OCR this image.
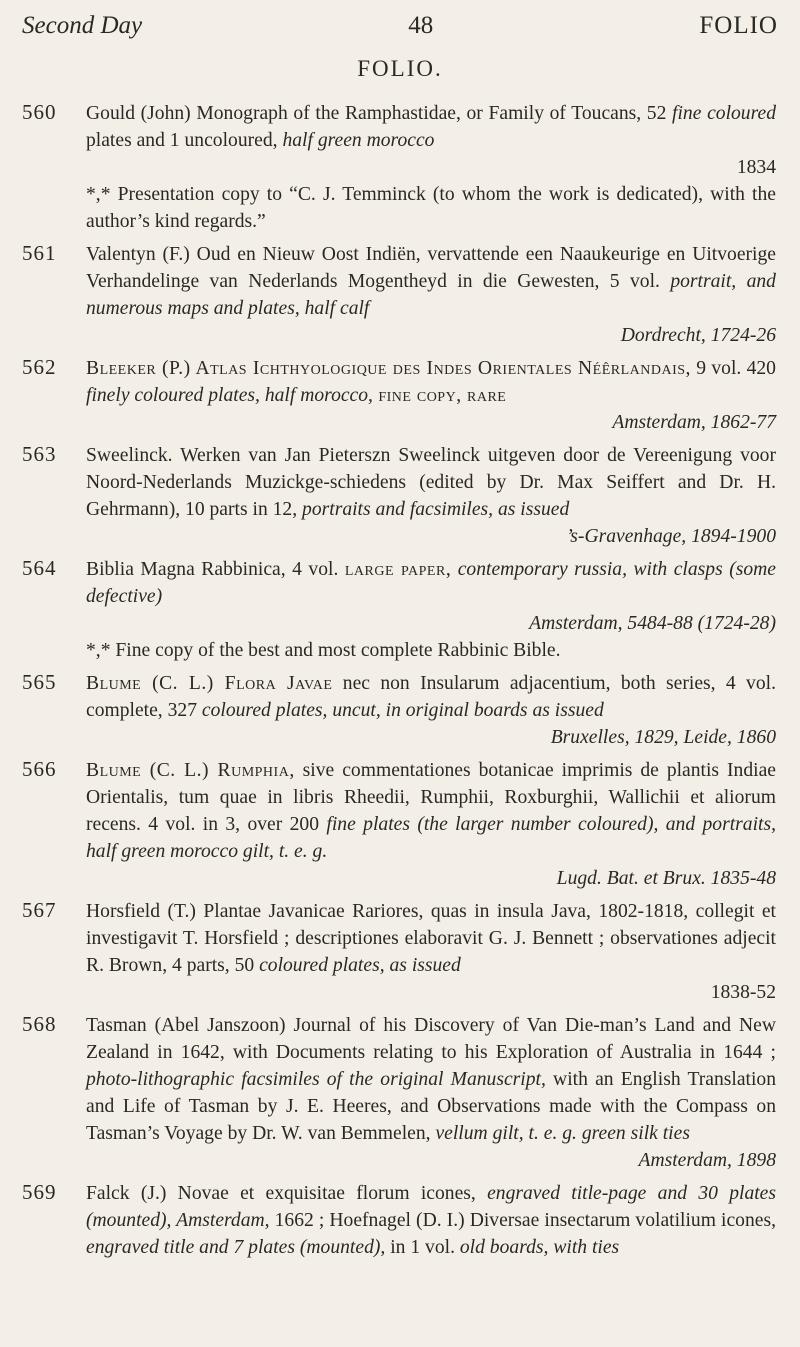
Second Day	48	FOLIO
FOLIO.
560 Gould (John) Monograph of the Ramphastidae, or Family of Toucans, 52 fine coloured plates and 1 uncoloured, half green morocco
1834
*,* Presentation copy to “C. J. Temminck (to whom the work is dedicated), with the author’s kind regards.”
561 Valentyn (F.) Oud en Nieuw Oost Indiën, vervattende een Naaukeurige en Uitvoerige Verhandelinge van Nederlands Mogentheyd in die Gewesten, 5 vol. portrait, and numerous maps and plates, half calf
Dordrecht, 1724-26
562 Bleeker (P.) Atlas Ichthyologique des Indes Orientales Néêrlandais, 9 vol. 420 finely coloured plates, half morocco, fine copy, rare
Amsterdam, 1862-77
563 Sweelinck. Werken van Jan Pieterszn Sweelinck uitgeven door de Vereenigung voor Noord-Nederlands Muzickge-schiedens (edited by Dr. Max Seiffert and Dr. H. Gehrmann), 10 parts in 12, portraits and facsimiles, as issued
’s-Gravenhage, 1894-1900
564 Biblia Magna Rabbinica, 4 vol. large paper, contemporary russia, with clasps (some defective)
Amsterdam, 5484-88 (1724-28)
*,* Fine copy of the best and most complete Rabbinic Bible.
565 Blume (C. L.) Flora Javae nec non Insularum adjacentium, both series, 4 vol. complete, 327 coloured plates, uncut, in original boards as issued
Bruxelles, 1829, Leide, 1860
566 Blume (C. L.) Rumphia, sive commentationes botanicae imprimis de plantis Indiae Orientalis, tum quae in libris Rheedii, Rumphii, Roxburghii, Wallichii et aliorum recens. 4 vol. in 3, over 200 fine plates (the larger number coloured), and portraits, half green morocco gilt, t. e. g.
Lugd. Bat. et Brux. 1835-48
567 Horsfield (T.) Plantae Javanicae Rariores, quas in insula Java, 1802-1818, collegit et investigavit T. Horsfield ; descriptiones elaboravit G. J. Bennett ; observationes adjecit R. Brown, 4 parts, 50 coloured plates, as issued
1838-52
568 Tasman (Abel Janszoon) Journal of his Discovery of Van Die-man’s Land and New Zealand in 1642, with Documents relating to his Exploration of Australia in 1644 ; photo-lithographic facsimiles of the original Manuscript, with an English Translation and Life of Tasman by J. E. Heeres, and Observations made with the Compass on Tasman’s Voyage by Dr. W. van Bemmelen, vellum gilt, t. e. g. green silk ties
Amsterdam, 1898
569 Falck (J.) Novae et exquisitae florum icones, engraved title-page and 30 plates (mounted), Amsterdam, 1662 ; Hoefnagel (D. I.) Diversae insectarum volatilium icones, engraved title and 7 plates (mounted), in 1 vol. old boards, with ties
